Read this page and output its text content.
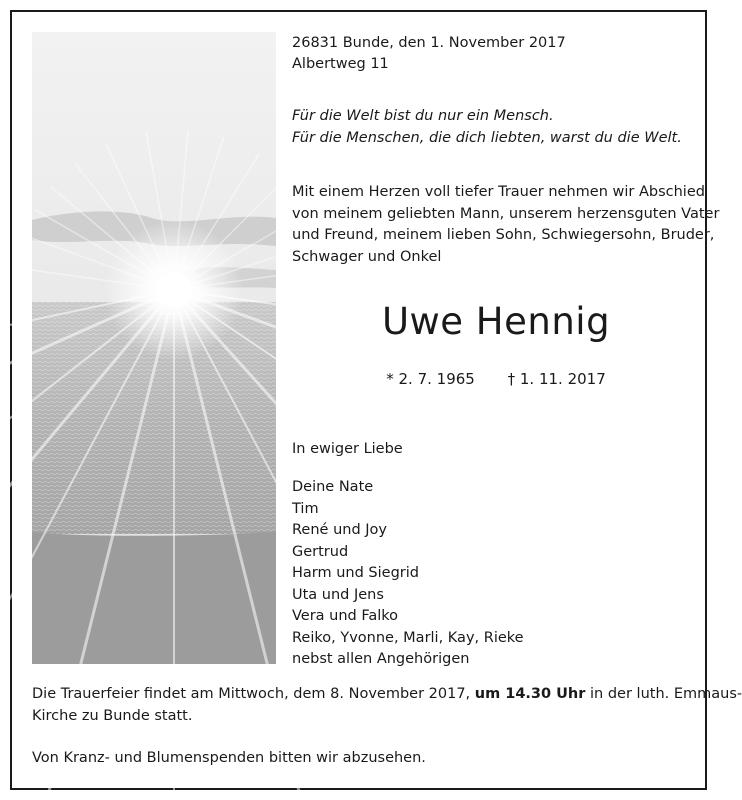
26831 Bunde, den 1. November 2017
Albertweg 11

Für die Welt bist du nur ein Mensch.

Für die Menschen, die dich liebten, warst du die Welt.

Mit einem Herzen voll tiefer Trauer nehmen wir Abschied

von meinem geliebten Mann, unserem herzensguten Vater

und Freund, meinem lieben Sohn, Schwiegersohn, Bruder,

Schwager und Onkel

Uwe Hennig
* 2. 7. 1965 † 1. 11. 2017
In ewiger Liebe

Deine Nate

Tim

René und Joy

Gertrud

Harm und Siegrid

Uta und Jens

Vera und Falko

Reiko, Yvonne, Marli, Kay, Rieke

nebst allen Angehörigen

Die Trauerfeier findet am Mittwoch, dem 8. November 2017, um 14.30 Uhr in der luth. Emmaus-

Kirche zu Bunde statt.

Von Kranz- und Blumenspenden bitten wir abzusehen.
